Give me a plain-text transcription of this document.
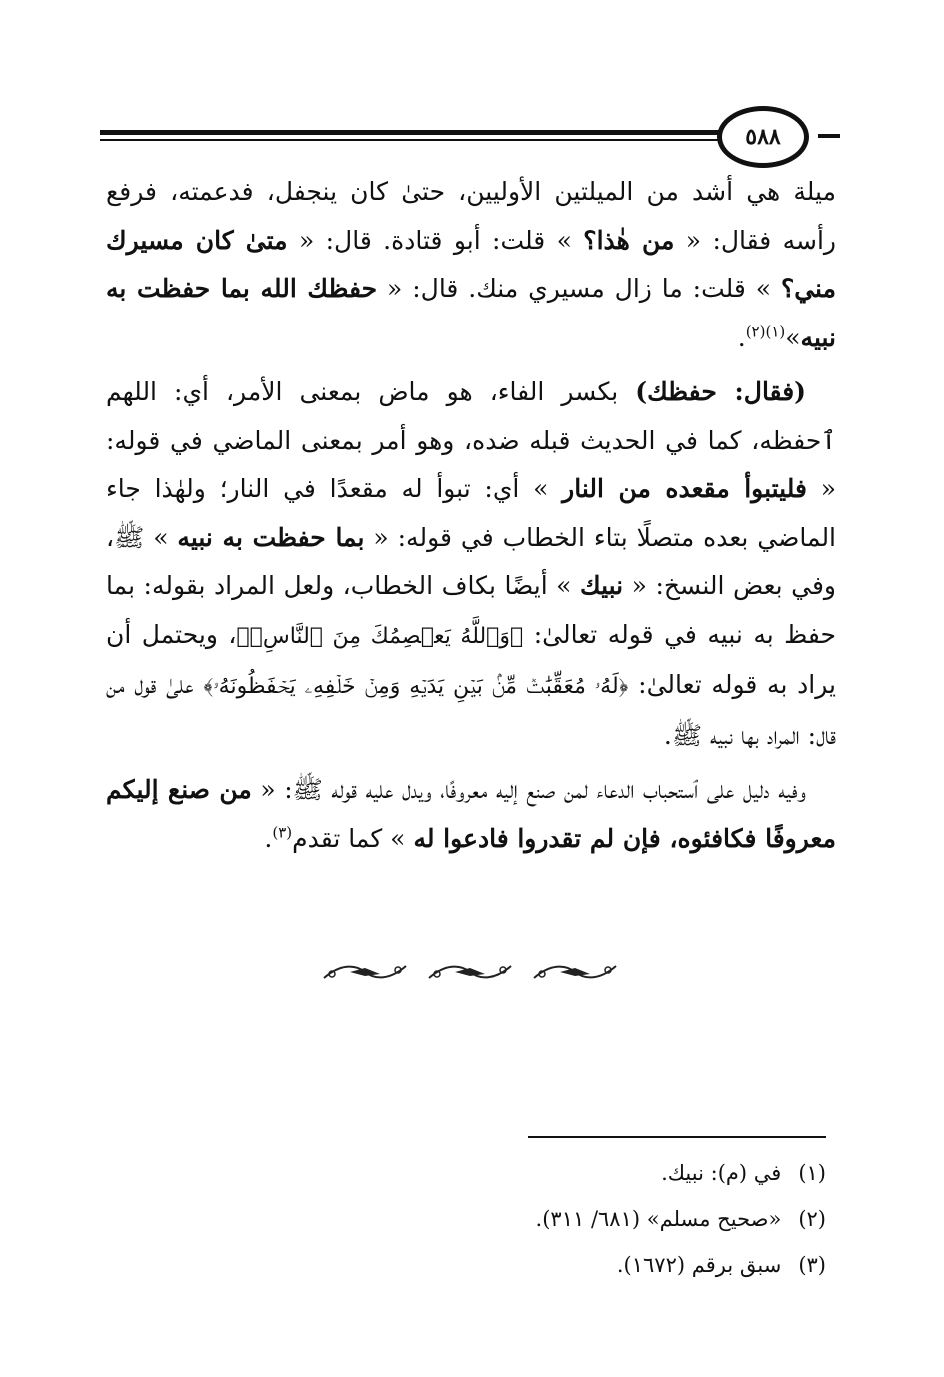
٥٨٨

ميلة هي أشد من الميلتين الأوليين، حتىٰ كان ينجفل، فدعمته، فرفع رأسه فقال: « من هٰذا؟ » قلت: أبو قتادة. قال: « متىٰ كان مسيرك مني؟ » قلت: ما زال مسيري منك. قال: « حفظك الله بما حفظت به نبيه»$^{(١)(٢)}$.

(فقال: حفظك) بكسر الفاء، هو ماض بمعنى الأمر، أي: اللهم ٱحفظه، كما في الحديث قبله ضده، وهو أمر بمعنى الماضي في قوله: « فليتبوأ مقعده من النار » أي: تبوأ له مقعدًا في النار؛ ولهٰذا جاء الماضي بعده متصلًا بتاء الخطاب في قوله: « بما حفظت به نبيه » ﷺ، وفي بعض النسخ: « نبيك » أيضًا بكاف الخطاب، ولعل المراد بقوله: بما حفظ به نبيه في قوله تعالىٰ: ﴿وَٱللَّهُ يَعۡصِمُكَ مِنَ ٱلنَّاسِۗ﴾، ويحتمل أن يراد به قوله تعالىٰ: ﴿لَهُۥ مُعَقِّبَٰتٞ مِّنۢ بَيۡنِ يَدَيۡهِ وَمِنۡ خَلۡفِهِۦ يَحۡفَظُونَهُۥ﴾ علىٰ قول من قال: المراد بها نبيه ﷺ.

وفيه دليل على ٱستحباب الدعاء لمن صنع إليه معروفًا، ويدل عليه قوله ﷺ: « من صنع إليكم معروفًا فكافئوه، فإن لم تقدروا فادعوا له » كما تقدم$^{(٣)}$.

(١) في (م): نبيك.
(٢) «صحيح مسلم» (٦٨١/ ٣١١).
(٣) سبق برقم (١٦٧٢).
